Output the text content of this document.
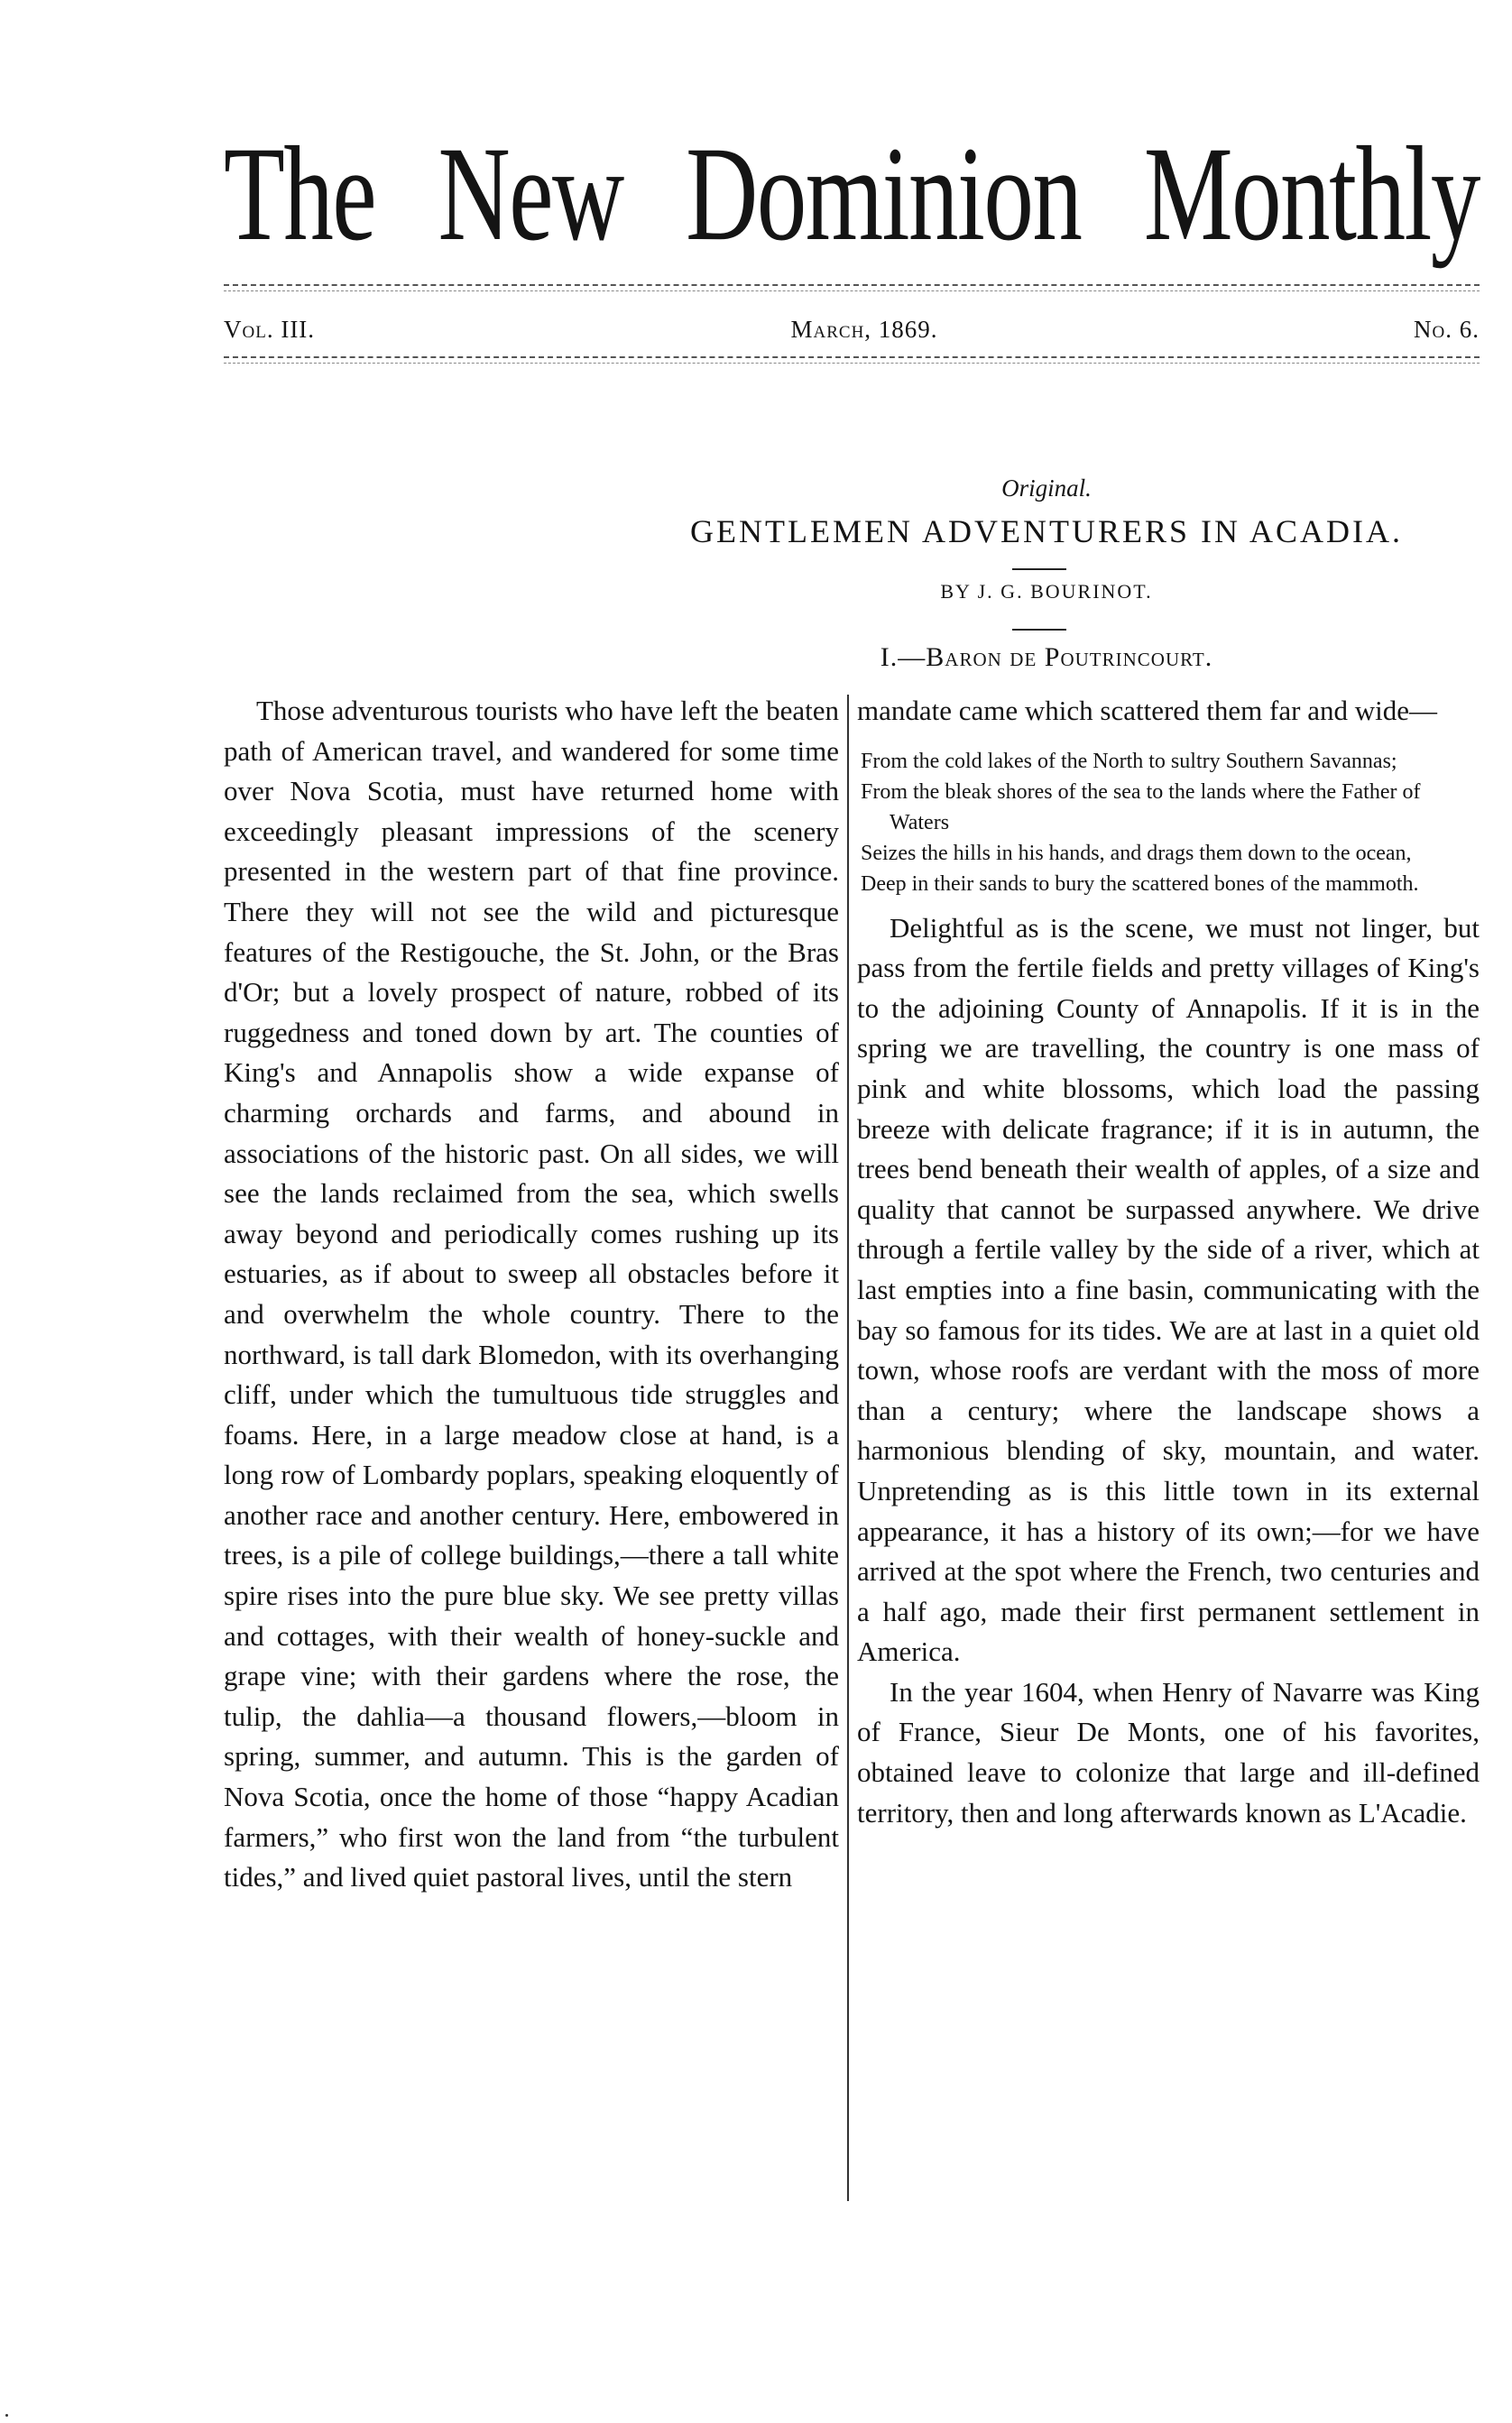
The New Dominion Monthly
Vol. III.	March, 1869.	No. 6.
Original.
GENTLEMEN ADVENTURERS IN ACADIA.
BY J. G. BOURINOT.
I.—Baron de Poutrincourt.

Those adventurous tourists who have left the beaten path of American travel, and wandered for some time over Nova Scotia, must have returned home with exceedingly pleasant impressions of the scenery presented in the western part of that fine province. There they will not see the wild and picturesque features of the Restigouche, the St. John, or the Bras d'Or; but a lovely prospect of nature, robbed of its ruggedness and toned down by art. The counties of King's and Annapolis show a wide expanse of charming orchards and farms, and abound in associations of the historic past. On all sides, we will see the lands reclaimed from the sea, which swells away beyond and periodically comes rushing up its estuaries, as if about to sweep all obstacles before it and overwhelm the whole country. There to the northward, is tall dark Blomedon, with its overhanging cliff, under which the tumultuous tide struggles and foams. Here, in a large meadow close at hand, is a long row of Lombardy poplars, speaking eloquently of another race and another century. Here, embowered in trees, is a pile of college buildings,—there a tall white spire rises into the pure blue sky. We see pretty villas and cottages, with their wealth of honey-suckle and grape vine; with their gardens where the rose, the tulip, the dahlia—a thousand flowers,—bloom in spring, summer, and autumn. This is the garden of Nova Scotia, once the home of those “happy Acadian farmers,” who first won the land from “the turbulent tides,” and lived quiet pastoral lives, until the stern

mandate came which scattered them far and wide—

From the cold lakes of the North to sultry Southern Savannas;

From the bleak shores of the sea to the lands where the Father of Waters

Seizes the hills in his hands, and drags them down to the ocean,

Deep in their sands to bury the scattered bones of the mammoth.

Delightful as is the scene, we must not linger, but pass from the fertile fields and pretty villages of King's to the adjoining County of Annapolis. If it is in the spring we are travelling, the country is one mass of pink and white blossoms, which load the passing breeze with delicate fragrance; if it is in autumn, the trees bend beneath their wealth of apples, of a size and quality that cannot be surpassed anywhere. We drive through a fertile valley by the side of a river, which at last empties into a fine basin, communicating with the bay so famous for its tides. We are at last in a quiet old town, whose roofs are verdant with the moss of more than a century; where the landscape shows a harmonious blending of sky, mountain, and water. Unpretending as is this little town in its external appearance, it has a history of its own;—for we have arrived at the spot where the French, two centuries and a half ago, made their first permanent settlement in America.

In the year 1604, when Henry of Navarre was King of France, Sieur De Monts, one of his favorites, obtained leave to colonize that large and ill-defined territory, then and long afterwards known as L'Acadie.
